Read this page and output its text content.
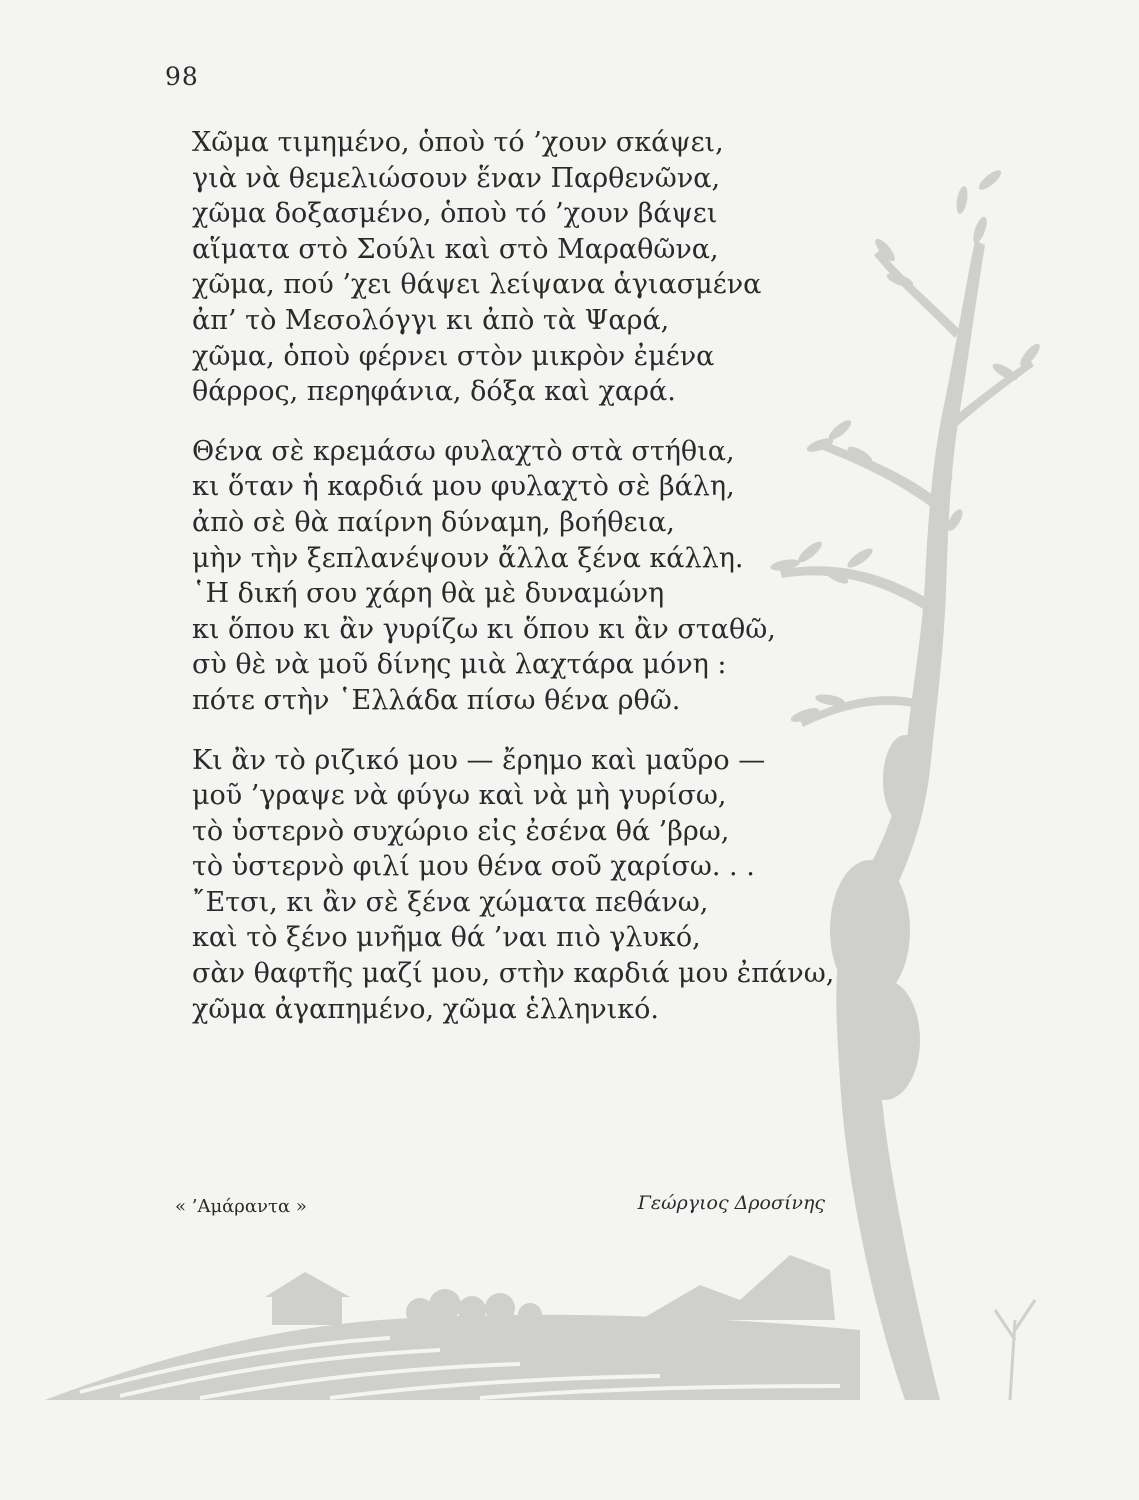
98
Χῶμα τιμημένο, ὁποὺ τό ’χουν σκάψει,
γιὰ νὰ θεμελιώσουν ἕναν Παρθενῶνα,
χῶμα δοξασμένο, ὁποὺ τό ’χουν βάψει
αἵματα στὸ Σούλι καὶ στὸ Μαραθῶνα,
χῶμα, πού ’χει θάψει λείψανα ἁγιασμένα
ἀπ’ τὸ Μεσολόγγι κι ἀπὸ τὰ Ψαρά,
χῶμα, ὁποὺ φέρνει στὸν μικρὸν ἐμένα
θάρρος, περηφάνια, δόξα καὶ χαρά.
Θένα σὲ κρεμάσω φυλαχτὸ στὰ στήθια,
κι ὅταν ἡ καρδιά μου φυλαχτὸ σὲ βάλη,
ἀπὸ σὲ θὰ παίρνη δύναμη, βοήθεια,
μὴν τὴν ξεπλανέψουν ἄλλα ξένα κάλλη.
῾Η δική σου χάρη θὰ μὲ δυναμώνη
κι ὅπου κι ἂν γυρίζω κι ὅπου κι ἂν σταθῶ,
σὺ θὲ νὰ μοῦ δίνης μιὰ λαχτάρα μόνη :
πότε στὴν ῾Ελλάδα πίσω θένα ρθῶ.
Κι ἂν τὸ ριζικό μου — ἔρημο καὶ μαῦρο —
μοῦ ’γραψε νὰ φύγω καὶ νὰ μὴ γυρίσω,
τὸ ὑστερνὸ συχώριο εἰς ἐσένα θά ’βρω,
τὸ ὑστερνὸ φιλί μου θένα σοῦ χαρίσω. . .
῎Ετσι, κι ἂν σὲ ξένα χώματα πεθάνω,
καὶ τὸ ξένο μνῆμα θά ’ναι πιὸ γλυκό,
σὰν θαφτῆς μαζί μου, στὴν καρδιά μου ἐπάνω,
χῶμα ἀγαπημένο, χῶμα ἑλληνικό.
« ’Αμάραντα »	Γεώργιος Δροσίνης
